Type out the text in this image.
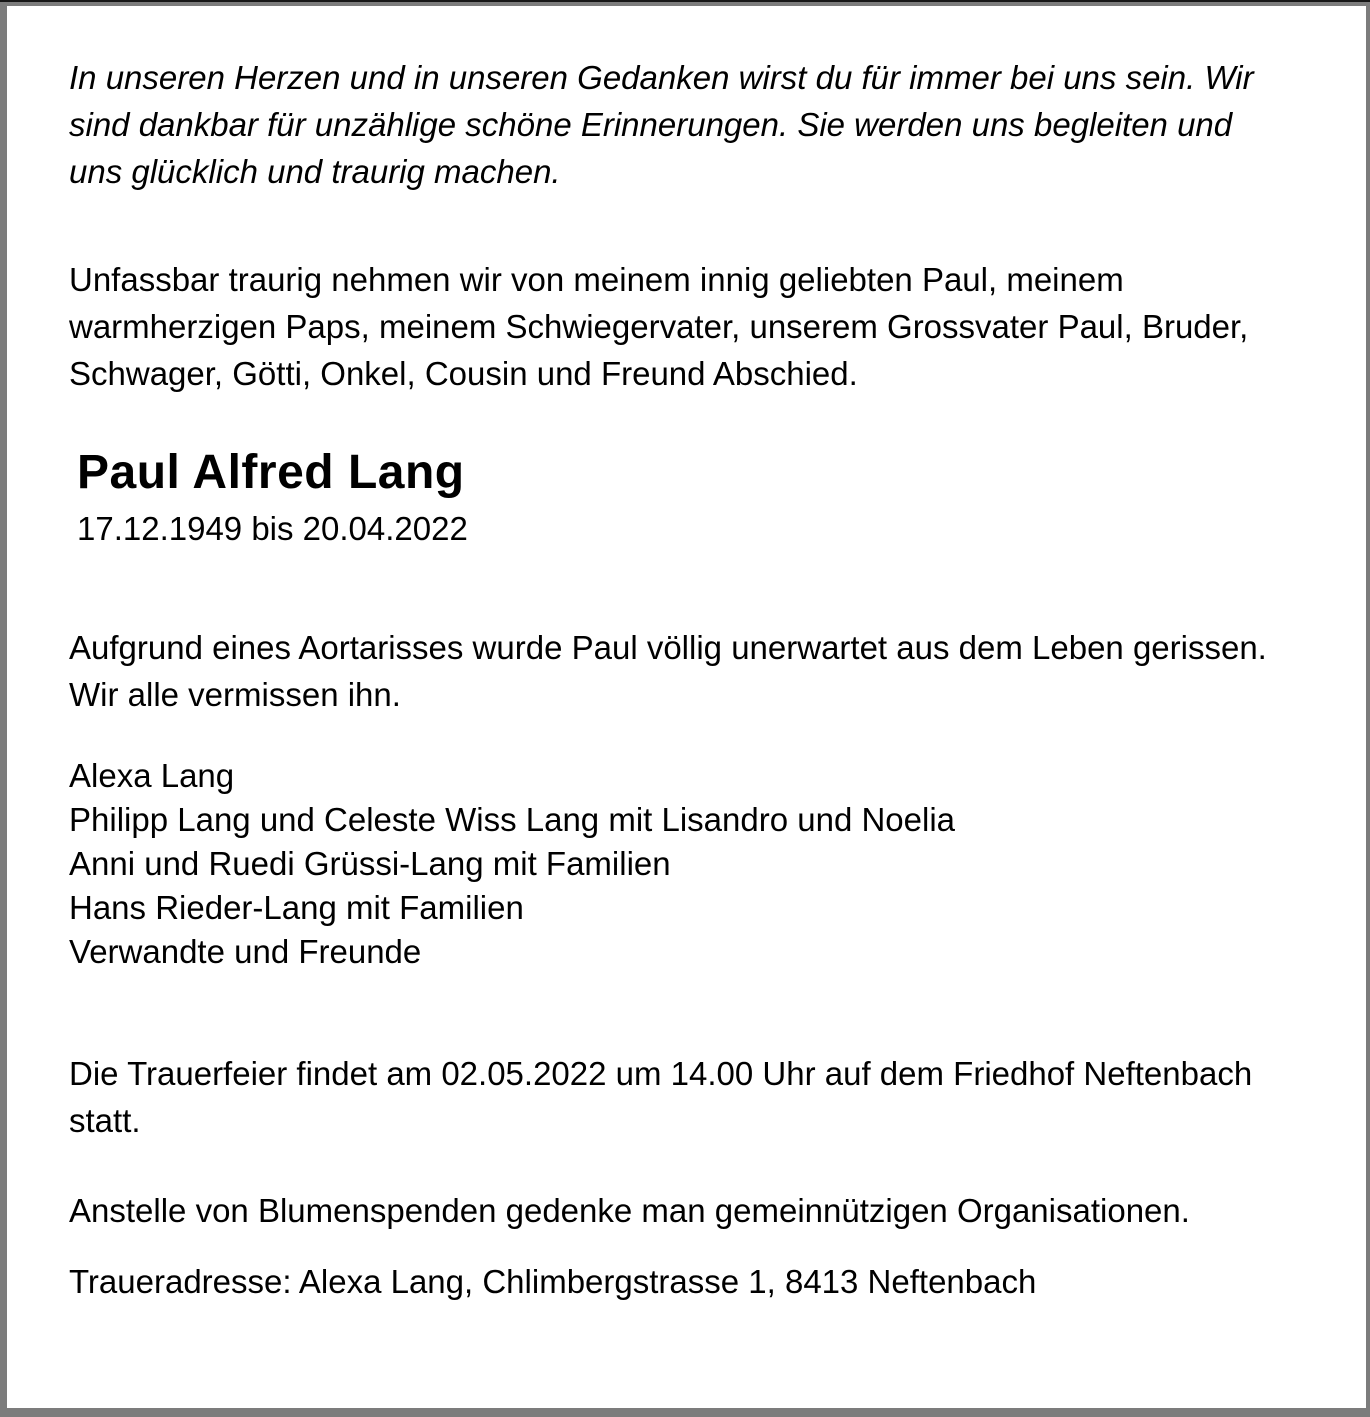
In unseren Herzen und in unseren Gedanken wirst du für immer bei uns sein. Wir sind dankbar für unzählige schöne Erinnerungen. Sie werden uns begleiten und uns glücklich und traurig machen.

Unfassbar traurig nehmen wir von meinem innig geliebten Paul, meinem warmherzigen Paps, meinem Schwiegervater, unserem Grossvater Paul, Bruder, Schwager, Götti, Onkel, Cousin und Freund Abschied.

Paul Alfred Lang
17.12.1949 bis 20.04.2022

Aufgrund eines Aortarisses wurde Paul völlig unerwartet aus dem Leben gerissen. Wir alle vermissen ihn.

Alexa Lang
Philipp Lang und Celeste Wiss Lang mit Lisandro und Noelia
Anni und Ruedi Grüssi-Lang mit Familien
Hans Rieder-Lang mit Familien
Verwandte und Freunde

Die Trauerfeier findet am 02.05.2022 um 14.00 Uhr auf dem Friedhof Neftenbach statt.

Anstelle von Blumenspenden gedenke man gemeinnützigen Organisationen.

Traueradresse: Alexa Lang, Chlimbergstrasse 1, 8413 Neftenbach
